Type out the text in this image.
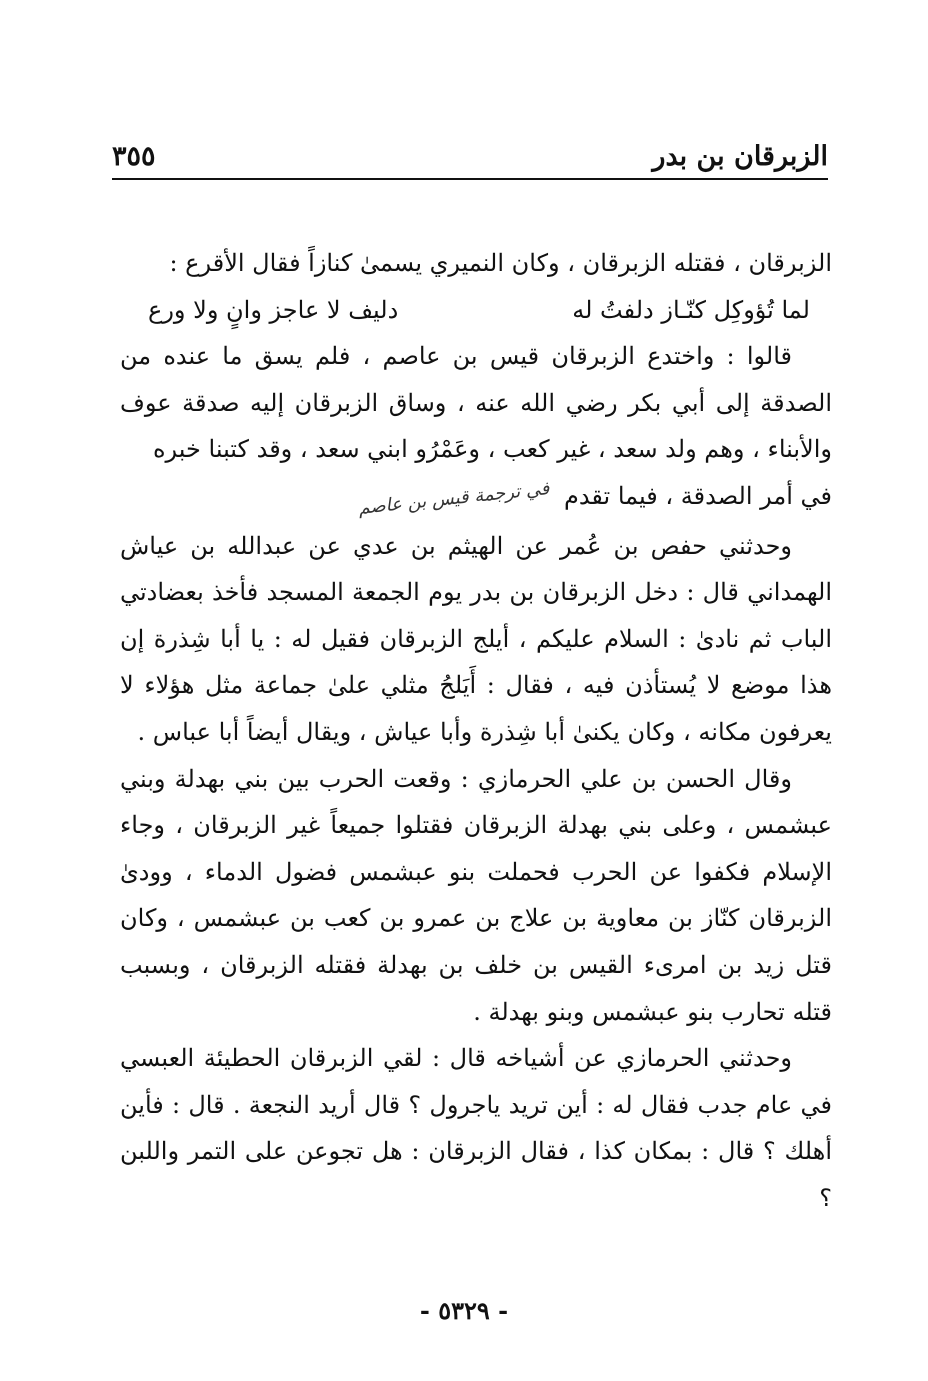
الزبرقان بن بدر
٣٥٥

الزبرقان ، فقتله الزبرقان ، وكان النميري يسمىٰ كنازاً فقال الأقرع :

لما تُؤوكِل كنّـاز دلفتُ له
دليف لا عاجز وانٍ ولا ورع

قالوا : واختدع الزبرقان قيس بن عاصم ، فلم يسق ما عنده من الصدقة إلى أبي بكر رضي الله عنه ، وساق الزبرقان إليه صدقة عوف والأبناء ، وهم ولد سعد ، غير كعب ، وعَمْرُو ابني سعد ، وقد كتبنا خبره

في أمر الصدقة ، فيما تقدم
في ترجمة قيس بن عاصم

وحدثني حفص بن عُمر عن الهيثم بن عدي عن عبدالله بن عياش الهمداني قال : دخل الزبرقان بن بدر يوم الجمعة المسجد فأخذ بعضادتي الباب ثم نادىٰ : السلام عليكم ، أيلج الزبرقان فقيل له : يا أبا شِذرة إن هذا موضع لا يُستأذن فيه ، فقال : أَيَلجُ مثلي علىٰ جماعة مثل هؤلاء لا يعرفون مكانه ، وكان يكنىٰ أبا شِذرة وأبا عياش ، ويقال أيضاً أبا عباس .

وقال الحسن بن علي الحرمازي : وقعت الحرب بين بني بهدلة وبني عبشمس ، وعلى بني بهدلة الزبرقان فقتلوا جميعاً غير الزبرقان ، وجاء الإسلام فكفوا عن الحرب فحملت بنو عبشمس فضول الدماء ، وودىٰ الزبرقان كنّاز بن معاوية بن علاج بن عمرو بن كعب بن عبشمس ، وكان قتل زيد بن امرىء القيس بن خلف بن بهدلة فقتله الزبرقان ، وبسبب قتله تحارب بنو عبشمس وبنو بهدلة .

وحدثني الحرمازي عن أشياخه قال : لقي الزبرقان الحطيئة العبسي في عام جدب فقال له : أين تريد ياجرول ؟ قال أريد النجعة . قال : فأين أهلك ؟ قال : بمكان كذا ، فقال الزبرقان : هل تجوعن على التمر واللبن ؟

- ٥٣٢٩ -
